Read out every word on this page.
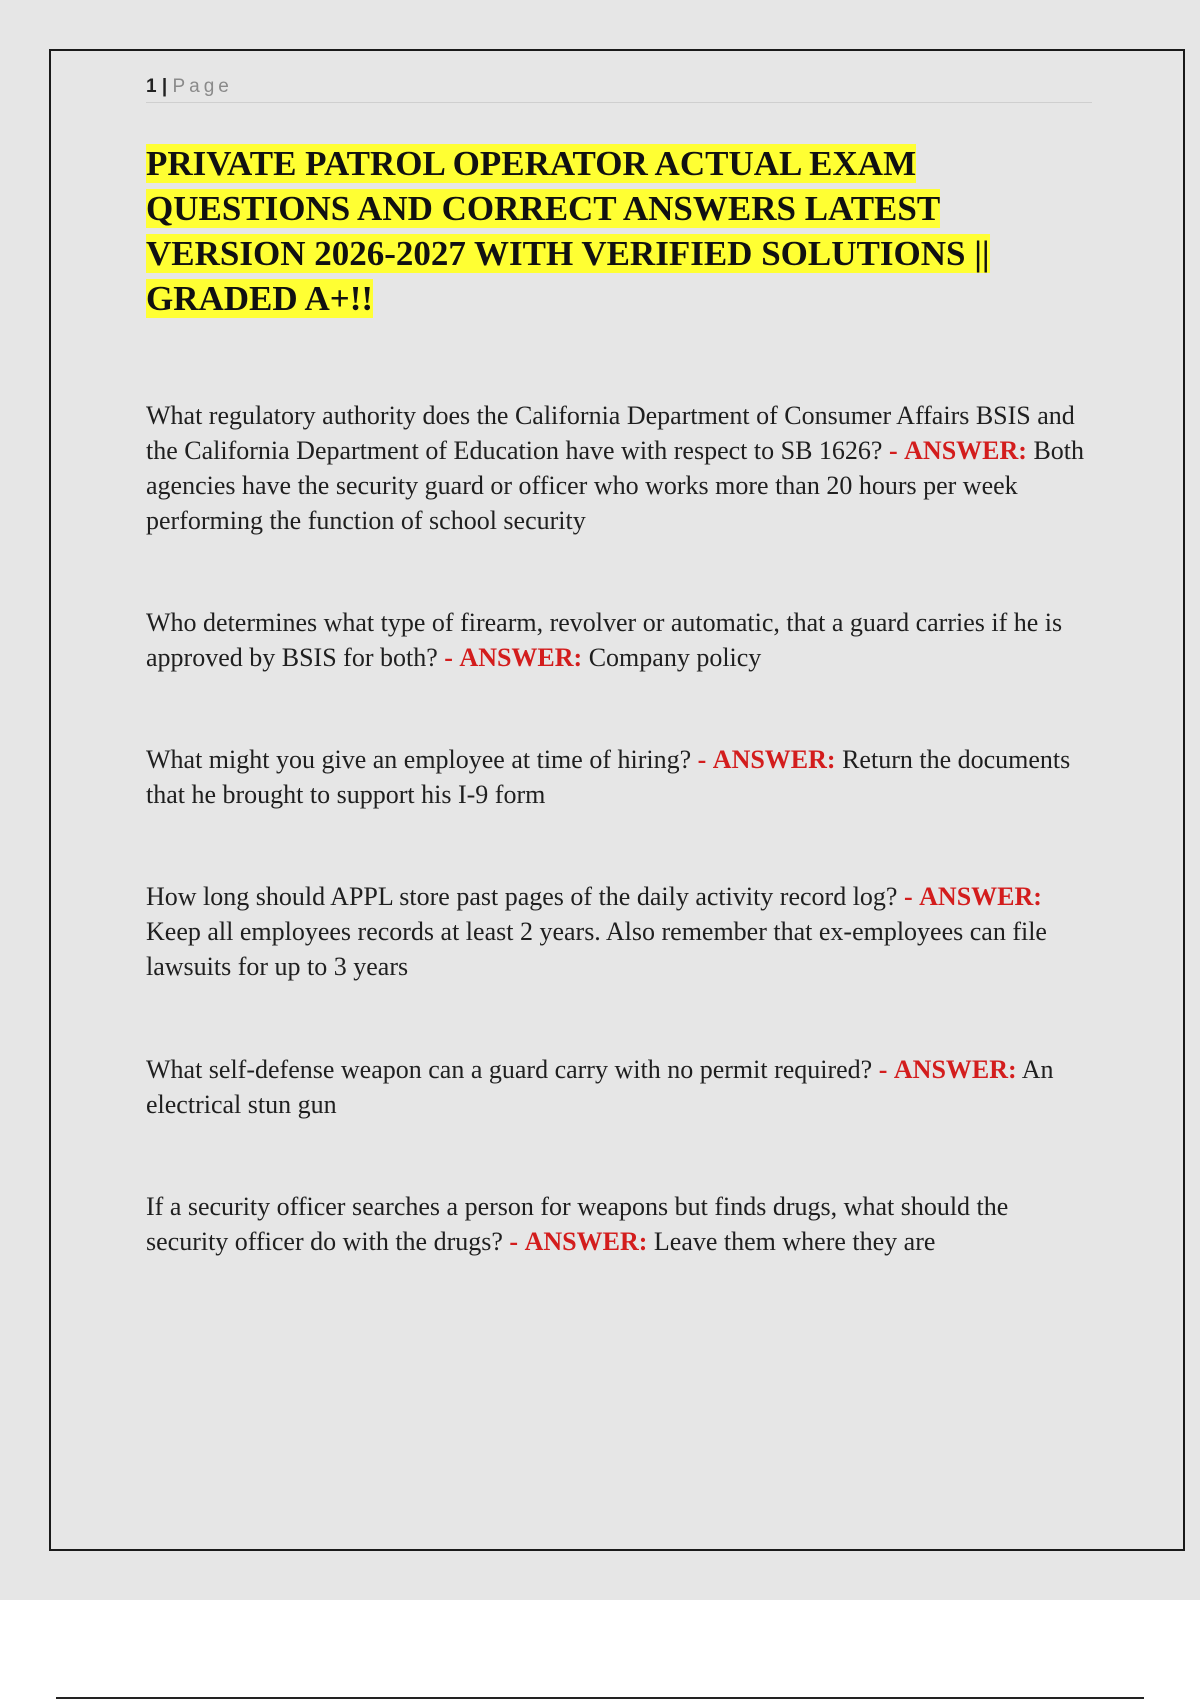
1 | Page
PRIVATE PATROL OPERATOR ACTUAL EXAM QUESTIONS AND CORRECT ANSWERS LATEST VERSION 2026-2027 WITH VERIFIED SOLUTIONS || GRADED A+!!

What regulatory authority does the California Department of Consumer Affairs BSIS and the California Department of Education have with respect to SB 1626? - ANSWER: Both agencies have the security guard or officer who works more than 20 hours per week performing the function of school security

Who determines what type of firearm, revolver or automatic, that a guard carries if he is approved by BSIS for both? - ANSWER: Company policy

What might you give an employee at time of hiring? - ANSWER: Return the documents that he brought to support his I-9 form

How long should APPL store past pages of the daily activity record log? - ANSWER: Keep all employees records at least 2 years. Also remember that ex-employees can file lawsuits for up to 3 years

What self-defense weapon can a guard carry with no permit required? - ANSWER: An electrical stun gun

If a security officer searches a person for weapons but finds drugs, what should the security officer do with the drugs? - ANSWER: Leave them where they are
